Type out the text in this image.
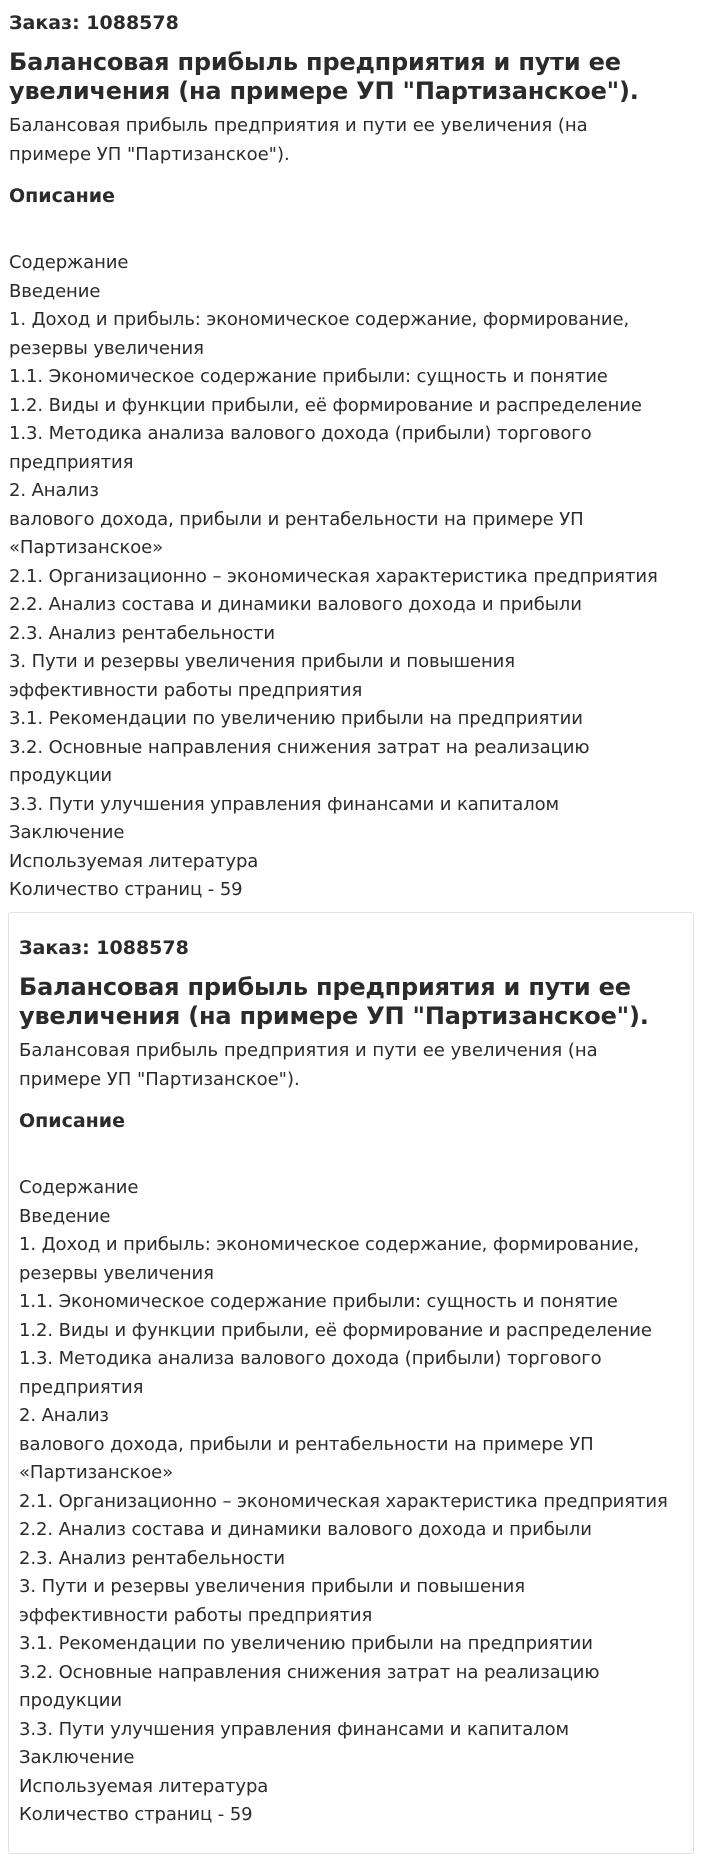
Заказ: 1088578

Балансовая прибыль предприятия и пути ее
увеличения (на примере УП "Партизанское").

Балансовая прибыль предприятия и пути ее увеличения (на
примере УП "Партизанское").

Описание
Содержание
Введение
1. Доход и прибыль: экономическое содержание, формирование,
резервы увеличения
1.1. Экономическое содержание прибыли: сущность и понятие
1.2. Виды и функции прибыли, её формирование и распределение
1.3. Методика анализа валового дохода (прибыли) торгового
предприятия
2. Анализ
валового дохода, прибыли и рентабельности на примере УП
«Партизанское»
2.1. Организационно – экономическая характеристика предприятия
2.2. Анализ состава и динамики валового дохода и прибыли
2.3. Анализ рентабельности
3. Пути и резервы увеличения прибыли и повышения
эффективности работы предприятия
3.1. Рекомендации по увеличению прибыли на предприятии
3.2. Основные направления снижения затрат на реализацию
продукции
3.3. Пути улучшения управления финансами и капиталом
Заключение
Используемая литература
Количество страниц - 59

Заказ: 1088578

Балансовая прибыль предприятия и пути ее
увеличения (на примере УП "Партизанское").

Балансовая прибыль предприятия и пути ее увеличения (на
примере УП "Партизанское").

Описание
Содержание
Введение
1. Доход и прибыль: экономическое содержание, формирование,
резервы увеличения
1.1. Экономическое содержание прибыли: сущность и понятие
1.2. Виды и функции прибыли, её формирование и распределение
1.3. Методика анализа валового дохода (прибыли) торгового
предприятия
2. Анализ
валового дохода, прибыли и рентабельности на примере УП
«Партизанское»
2.1. Организационно – экономическая характеристика предприятия
2.2. Анализ состава и динамики валового дохода и прибыли
2.3. Анализ рентабельности
3. Пути и резервы увеличения прибыли и повышения
эффективности работы предприятия
3.1. Рекомендации по увеличению прибыли на предприятии
3.2. Основные направления снижения затрат на реализацию
продукции
3.3. Пути улучшения управления финансами и капиталом
Заключение
Используемая литература
Количество страниц - 59
